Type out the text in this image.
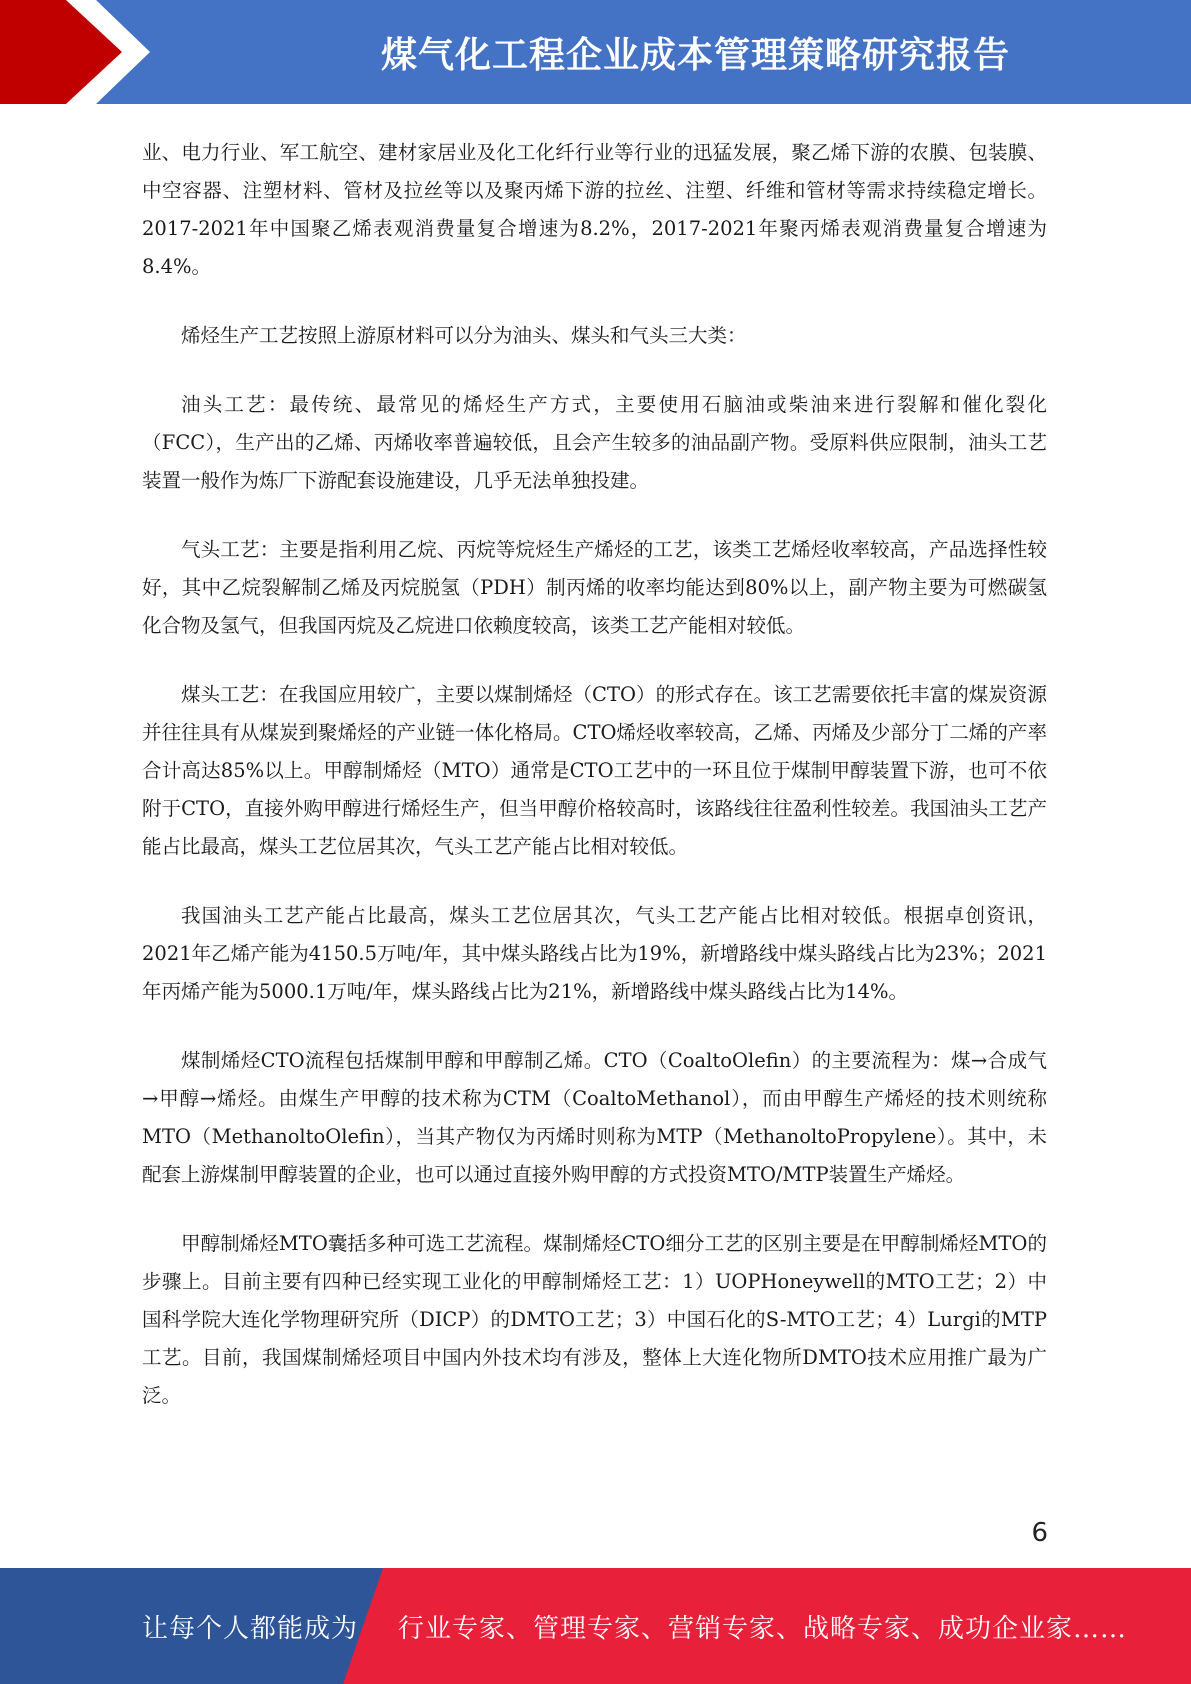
煤气化工程企业成本管理策略研究报告

业、电力行业、军工航空、建材家居业及化工化纤行业等行业的迅猛发展，聚乙烯下游的农膜、包装膜、中空容器、注塑材料、管材及拉丝等以及聚丙烯下游的拉丝、注塑、纤维和管材等需求持续稳定增长。2017-2021年中国聚乙烯表观消费量复合增速为8.2%，2017-2021年聚丙烯表观消费量复合增速为8.4%。

烯烃生产工艺按照上游原材料可以分为油头、煤头和气头三大类：

油头工艺：最传统、最常见的烯烃生产方式，主要使用石脑油或柴油来进行裂解和催化裂化（FCC），生产出的乙烯、丙烯收率普遍较低，且会产生较多的油品副产物。受原料供应限制，油头工艺装置一般作为炼厂下游配套设施建设，几乎无法单独投建。

气头工艺：主要是指利用乙烷、丙烷等烷烃生产烯烃的工艺，该类工艺烯烃收率较高，产品选择性较好，其中乙烷裂解制乙烯及丙烷脱氢（PDH）制丙烯的收率均能达到80%以上，副产物主要为可燃碳氢化合物及氢气，但我国丙烷及乙烷进口依赖度较高，该类工艺产能相对较低。

煤头工艺：在我国应用较广，主要以煤制烯烃（CTO）的形式存在。该工艺需要依托丰富的煤炭资源并往往具有从煤炭到聚烯烃的产业链一体化格局。CTO烯烃收率较高，乙烯、丙烯及少部分丁二烯的产率合计高达85%以上。甲醇制烯烃（MTO）通常是CTO工艺中的一环且位于煤制甲醇装置下游，也可不依附于CTO，直接外购甲醇进行烯烃生产，但当甲醇价格较高时，该路线往往盈利性较差。我国油头工艺产能占比最高，煤头工艺位居其次，气头工艺产能占比相对较低。

我国油头工艺产能占比最高，煤头工艺位居其次，气头工艺产能占比相对较低。根据卓创资讯，2021年乙烯产能为4150.5万吨/年，其中煤头路线占比为19%，新增路线中煤头路线占比为23%；2021年丙烯产能为5000.1万吨/年，煤头路线占比为21%，新增路线中煤头路线占比为14%。

煤制烯烃CTO流程包括煤制甲醇和甲醇制乙烯。CTO（CoaltoOlefin）的主要流程为：煤→合成气→甲醇→烯烃。由煤生产甲醇的技术称为CTM（CoaltoMethanol），而由甲醇生产烯烃的技术则统称MTO（MethanoltoOlefin），当其产物仅为丙烯时则称为MTP（MethanoltoPropylene）。其中，未配套上游煤制甲醇装置的企业，也可以通过直接外购甲醇的方式投资MTO/MTP装置生产烯烃。

甲醇制烯烃MTO囊括多种可选工艺流程。煤制烯烃CTO细分工艺的区别主要是在甲醇制烯烃MTO的步骤上。目前主要有四种已经实现工业化的甲醇制烯烃工艺：1）UOPHoneywell的MTO工艺；2）中国科学院大连化学物理研究所（DICP）的DMTO工艺；3）中国石化的S-MTO工艺；4）Lurgi的MTP工艺。目前，我国煤制烯烃项目中国内外技术均有涉及，整体上大连化物所DMTO技术应用推广最为广泛。

6
让每个人都能成为 行业专家、管理专家、营销专家、战略专家、成功企业家……
